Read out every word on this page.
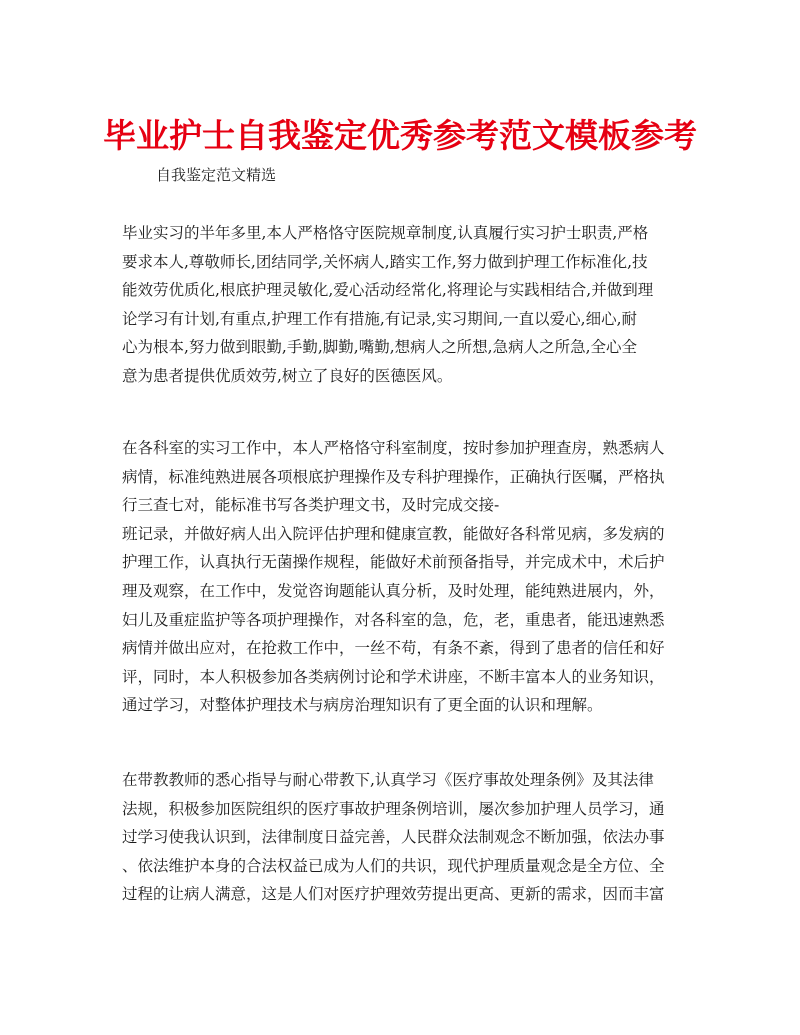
毕业护士自我鉴定优秀参考范文模板参考
自我鉴定范文精选
毕业实习的半年多里,本人严格恪守医院规章制度,认真履行实习护士职责,严格
要求本人,尊敬师长,团结同学,关怀病人,踏实工作,努力做到护理工作标准化,技
能效劳优质化,根底护理灵敏化,爱心活动经常化,将理论与实践相结合,并做到理
论学习有计划,有重点,护理工作有措施,有记录,实习期间,一直以爱心,细心,耐
心为根本,努力做到眼勤,手勤,脚勤,嘴勤,想病人之所想,急病人之所急,全心全
意为患者提供优质效劳,树立了良好的医德医风。
在各科室的实习工作中，本人严格恪守科室制度，按时参加护理查房，熟悉病人
病情，标准纯熟进展各项根底护理操作及专科护理操作，正确执行医嘱，严格执
行三查七对，能标准书写各类护理文书，及时完成交接-
班记录，并做好病人出入院评估护理和健康宣教，能做好各科常见病，多发病的
护理工作，认真执行无菌操作规程，能做好术前预备指导，并完成术中，术后护
理及观察，在工作中，发觉咨询题能认真分析，及时处理，能纯熟进展内，外，
妇儿及重症监护等各项护理操作，对各科室的急，危，老，重患者，能迅速熟悉
病情并做出应对，在抢救工作中，一丝不苟，有条不紊，得到了患者的信任和好
评，同时，本人积极参加各类病例讨论和学术讲座，不断丰富本人的业务知识，
通过学习，对整体护理技术与病房治理知识有了更全面的认识和理解。
在带教教师的悉心指导与耐心带教下,认真学习《医疗事故处理条例》及其法律
法规，积极参加医院组织的医疗事故护理条例培训，屡次参加护理人员学习，通
过学习使我认识到，法律制度日益完善，人民群众法制观念不断加强，依法办事
、依法维护本身的合法权益已成为人们的共识，现代护理质量观念是全方位、全
过程的让病人满意，这是人们对医疗护理效劳提出更高、更新的需求，因而丰富
